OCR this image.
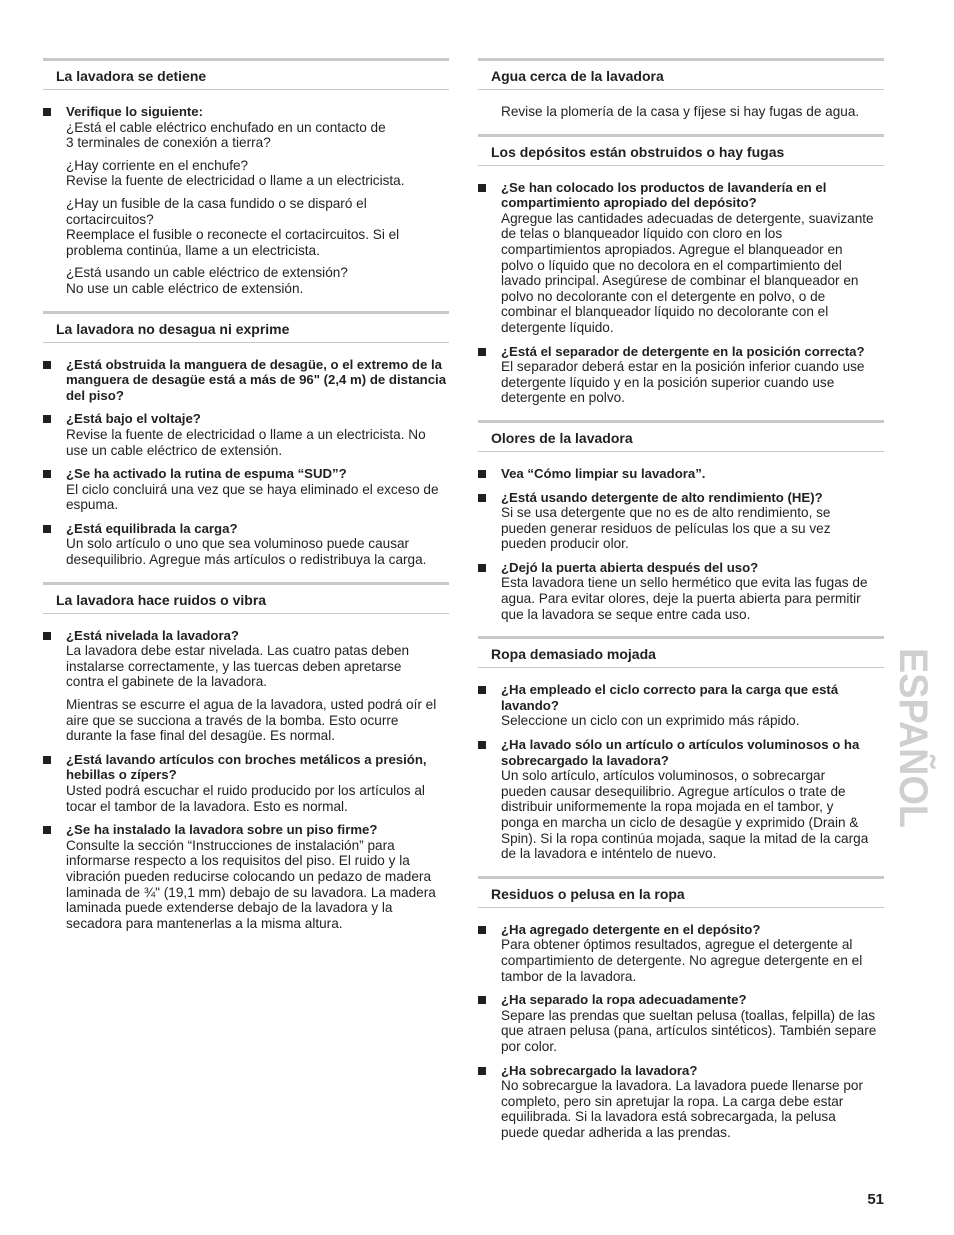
La lavadora se detiene
Verifique lo siguiente:
¿Está el cable eléctrico enchufado en un contacto de
3 terminales de conexión a tierra?
¿Hay corriente en el enchufe?
Revise la fuente de electricidad o llame a un electricista.
¿Hay un fusible de la casa fundido o se disparó el
cortacircuitos?
Reemplace el fusible o reconecte el cortacircuitos. Si el
problema continúa, llame a un electricista.
¿Está usando un cable eléctrico de extensión?
No use un cable eléctrico de extensión.
La lavadora no desagua ni exprime
¿Está obstruida la manguera de desagüe, o el extremo de la manguera de desagüe está a más de 96" (2,4 m) de distancia del piso?
¿Está bajo el voltaje?
Revise la fuente de electricidad o llame a un electricista. No
use un cable eléctrico de extensión.
¿Se ha activado la rutina de espuma “SUD”?
El ciclo concluirá una vez que se haya eliminado el exceso de
espuma.
¿Está equilibrada la carga?
Un solo artículo o uno que sea voluminoso puede causar
desequilibrio. Agregue más artículos o redistribuya la carga.
La lavadora hace ruidos o vibra
¿Está nivelada la lavadora?
La lavadora debe estar nivelada. Las cuatro patas deben
instalarse correctamente, y las tuercas deben apretarse
contra el gabinete de la lavadora.
Mientras se escurre el agua de la lavadora, usted podrá oír el
aire que se succiona a través de la bomba. Esto ocurre
durante la fase final del desagüe. Es normal.
¿Está lavando artículos con broches metálicos a presión, hebillas o zípers?
Usted podrá escuchar el ruido producido por los artículos al
tocar el tambor de la lavadora. Esto es normal.
¿Se ha instalado la lavadora sobre un piso firme?
Consulte la sección “Instrucciones de instalación” para
informarse respecto a los requisitos del piso. El ruido y la
vibración pueden reducirse colocando un pedazo de madera
laminada de ¾" (19,1 mm) debajo de su lavadora. La madera
laminada puede extenderse debajo de la lavadora y la
secadora para mantenerlas a la misma altura.
Agua cerca de la lavadora
Revise la plomería de la casa y fíjese si hay fugas de agua.
Los depósitos están obstruidos o hay fugas
¿Se han colocado los productos de lavandería en el compartimiento apropiado del depósito?
Agregue las cantidades adecuadas de detergente, suavizante
de telas o blanqueador líquido con cloro en los
compartimientos apropiados. Agregue el blanqueador en
polvo o líquido que no decolora en el compartimiento del
lavado principal. Asegúrese de combinar el blanqueador en
polvo no decolorante con el detergente en polvo, o de
combinar el blanqueador líquido no decolorante con el
detergente líquido.
¿Está el separador de detergente en la posición correcta?
El separador deberá estar en la posición inferior cuando use
detergente líquido y en la posición superior cuando use
detergente en polvo.
Olores de la lavadora
Vea “Cómo limpiar su lavadora”.
¿Está usando detergente de alto rendimiento (HE)?
Si se usa detergente que no es de alto rendimiento, se
pueden generar residuos de películas los que a su vez
pueden producir olor.
¿Dejó la puerta abierta después del uso?
Esta lavadora tiene un sello hermético que evita las fugas de
agua. Para evitar olores, deje la puerta abierta para permitir
que la lavadora se seque entre cada uso.
Ropa demasiado mojada
¿Ha empleado el ciclo correcto para la carga que está lavando?
Seleccione un ciclo con un exprimido más rápido.
¿Ha lavado sólo un artículo o artículos voluminosos o ha sobrecargado la lavadora?
Un solo artículo, artículos voluminosos, o sobrecargar
pueden causar desequilibrio. Agregue artículos o trate de
distribuir uniformemente la ropa mojada en el tambor, y
ponga en marcha un ciclo de desagüe y exprimido (Drain &
Spin). Si la ropa continúa mojada, saque la mitad de la carga
de la lavadora e inténtelo de nuevo.
Residuos o pelusa en la ropa
¿Ha agregado detergente en el depósito?
Para obtener óptimos resultados, agregue el detergente al
compartimiento de detergente. No agregue detergente en el
tambor de la lavadora.
¿Ha separado la ropa adecuadamente?
Separe las prendas que sueltan pelusa (toallas, felpilla) de las
que atraen pelusa (pana, artículos sintéticos). También separe
por color.
¿Ha sobrecargado la lavadora?
No sobrecargue la lavadora. La lavadora puede llenarse por
completo, pero sin apretujar la ropa. La carga debe estar
equilibrada. Si la lavadora está sobrecargada, la pelusa
puede quedar adherida a las prendas.
ESPAÑOL
51
